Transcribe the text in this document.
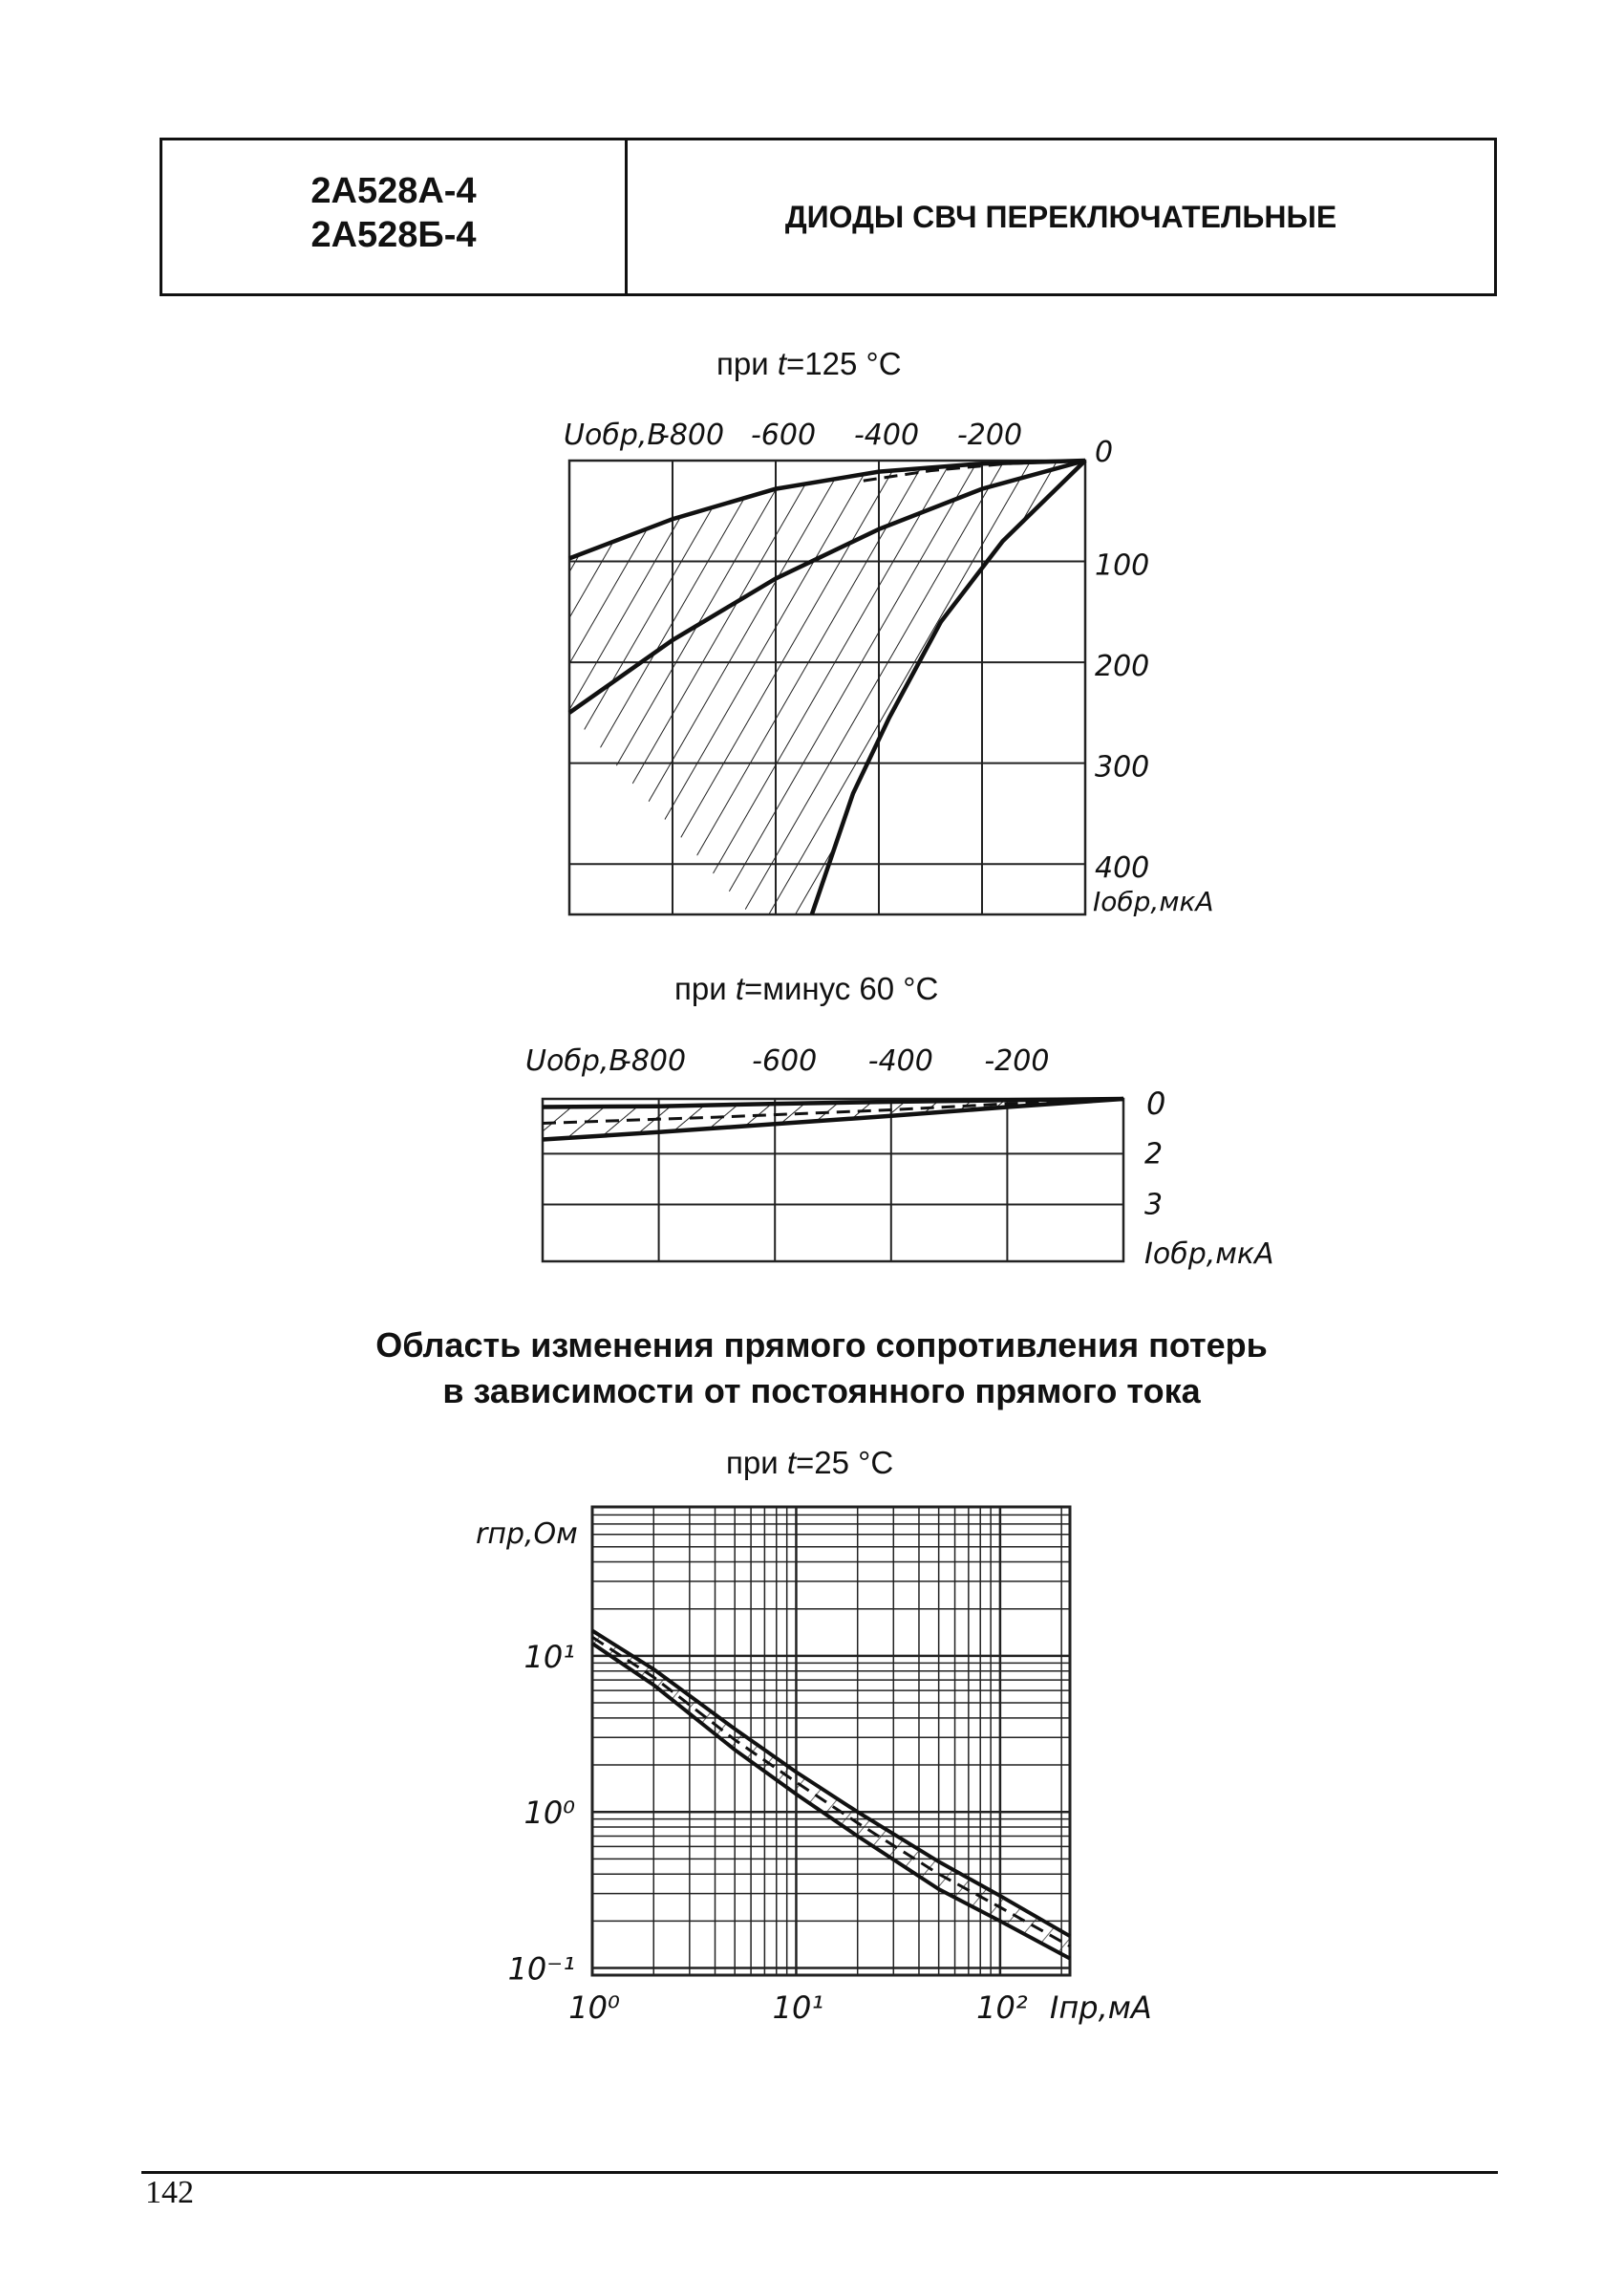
2А528А-4
2А528Б-4	ДИОДЫ СВЧ ПЕРЕКЛЮЧАТЕЛЬНЫЕ
при t=125 °C
Uобр,В
-800 -600 -400 -200
0
100
200
300
400
Iобр,мкА
при t=минус 60 °C
Uобр,В
-800 -600 -400 -200
0
2
3
Iобр,мкА
Область изменения прямого сопротивления потерь
в зависимости от постоянного прямого тока
при t=25 °C
rпр,Ом
10¹
10⁰
10⁻¹
10⁰	10¹	10² Iпр,мА
142
